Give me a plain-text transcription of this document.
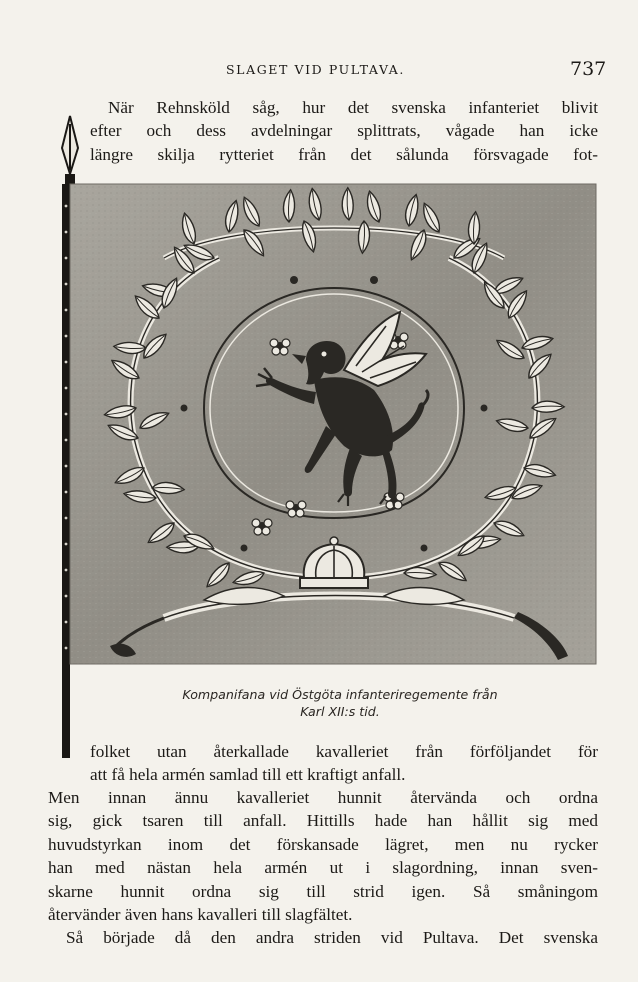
SLAGET VID PULTAVA.	737
När Rehnsköld såg, hur det svenska infanteriet blivit
efter och dess avdelningar splittrats, vågade han icke
längre skilja rytteriet från det sålunda försvagade fot-
Kompanifana vid Östgöta infanteriregemente från
Karl XII:s tid.
folket utan återkallade kavalleriet från förföljandet för
att få hela armén samlad till ett kraftigt anfall.
Men innan ännu kavalleriet hunnit återvända och ordna
sig, gick tsaren till anfall. Hittills hade han hållit sig med
huvudstyrkan inom det förskansade lägret, men nu rycker
han med nästan hela armén ut i slagordning, innan sven-
skarne hunnit ordna sig till strid igen. Så småningom
återvänder även hans kavalleri till slagfältet.
Så började då den andra striden vid Pultava. Det svenska
